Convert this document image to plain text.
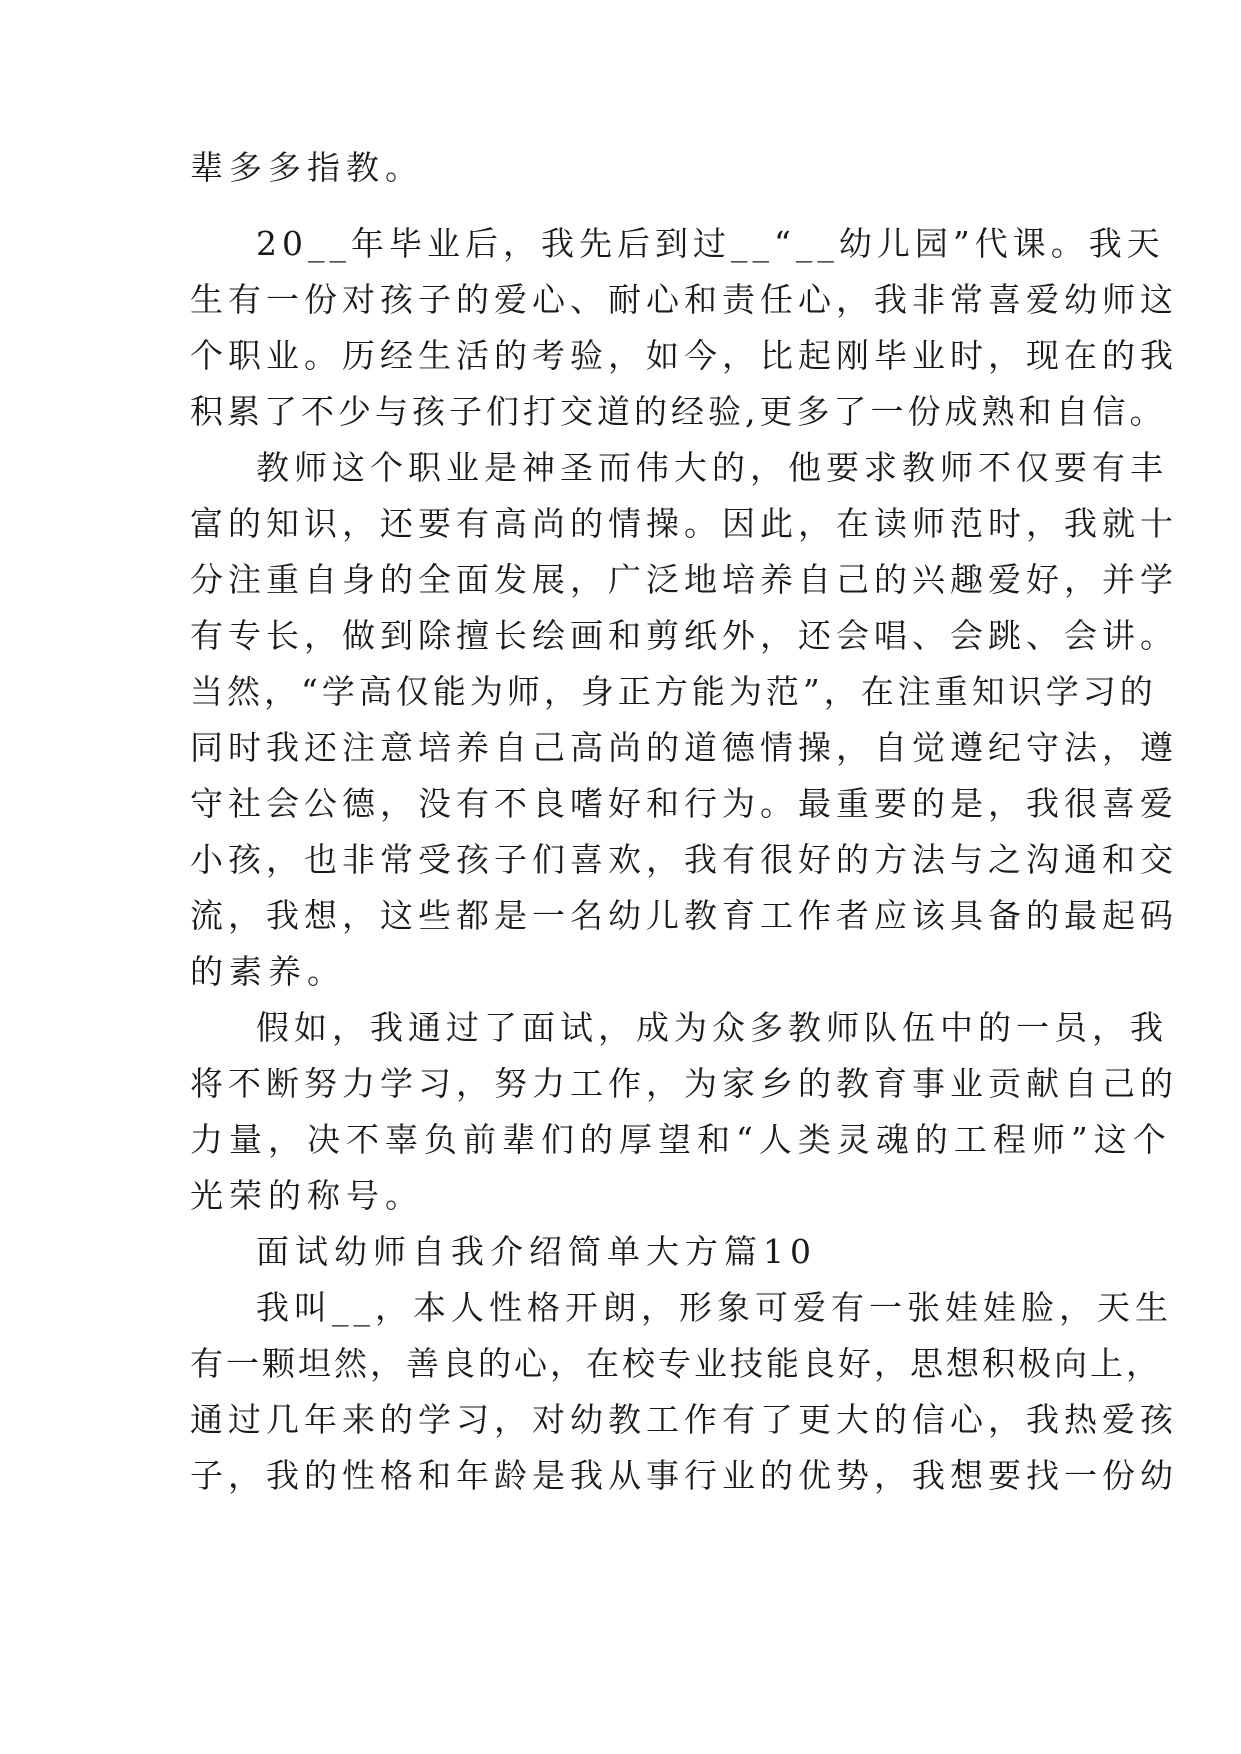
辈多多指教。
20__年毕业后，我先后到过__“__幼儿园”代课。我天
生有一份对孩子的爱心、耐心和责任心，我非常喜爱幼师这
个职业。历经生活的考验，如今，比起刚毕业时，现在的我
积累了不少与孩子们打交道的经验,更多了一份成熟和自信。
教师这个职业是神圣而伟大的，他要求教师不仅要有丰
富的知识，还要有高尚的情操。因此，在读师范时，我就十
分注重自身的全面发展，广泛地培养自己的兴趣爱好，并学
有专长，做到除擅长绘画和剪纸外，还会唱、会跳、会讲。
当然，“学高仅能为师，身正方能为范”，在注重知识学习的
同时我还注意培养自己高尚的道德情操，自觉遵纪守法，遵
守社会公德，没有不良嗜好和行为。最重要的是，我很喜爱
小孩，也非常受孩子们喜欢，我有很好的方法与之沟通和交
流，我想，这些都是一名幼儿教育工作者应该具备的最起码
的素养。
假如，我通过了面试，成为众多教师队伍中的一员，我
将不断努力学习，努力工作，为家乡的教育事业贡献自己的
力量，决不辜负前辈们的厚望和“人类灵魂的工程师”这个
光荣的称号。
面试幼师自我介绍简单大方篇10
我叫__，本人性格开朗，形象可爱有一张娃娃脸，天生
有一颗坦然，善良的心，在校专业技能良好，思想积极向上，
通过几年来的学习，对幼教工作有了更大的信心，我热爱孩
子，我的性格和年龄是我从事行业的优势，我想要找一份幼
